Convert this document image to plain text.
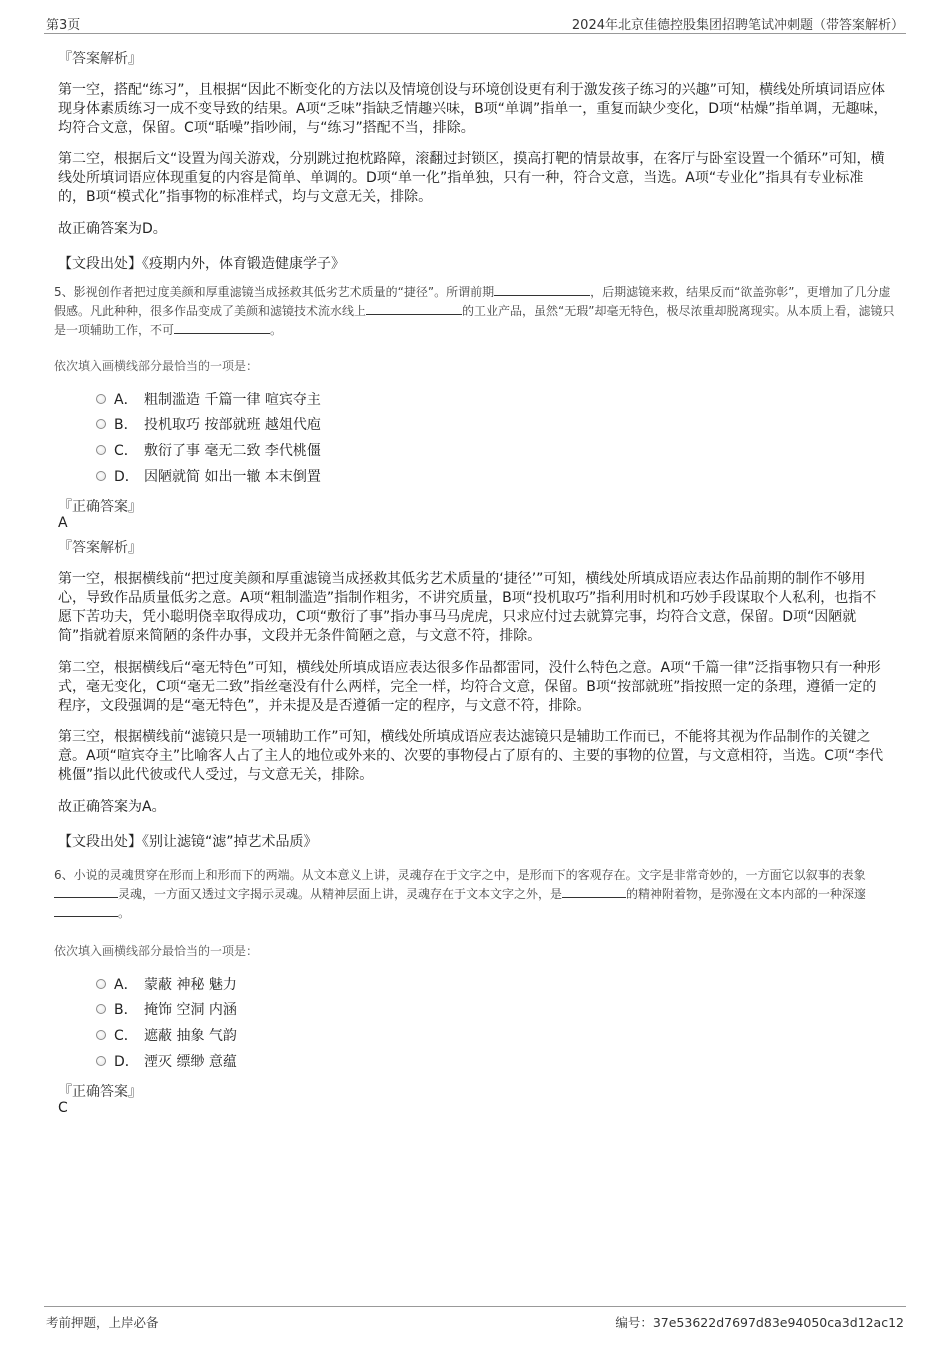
第3页	2024年北京佳德控股集团招聘笔试冲刺题（带答案解析）
『答案解析』

第一空，搭配“练习”，且根据“因此不断变化的方法以及情境创设与环境创设更有利于激发孩子练习的兴趣”可知，横线处所填词语应体现身体素质练习一成不变导致的结果。A项“乏味”指缺乏情趣兴味，B项“单调”指单一，重复而缺少变化，D项“枯燥”指单调，无趣味，均符合文意，保留。C项“聒噪”指吵闹，与“练习”搭配不当，排除。

第二空，根据后文“设置为闯关游戏，分别跳过抱枕路障，滚翻过封锁区，摸高打靶的情景故事，在客厅与卧室设置一个循环”可知，横线处所填词语应体现重复的内容是简单、单调的。D项“单一化”指单独，只有一种，符合文意，当选。A项“专业化”指具有专业标准的，B项“模式化”指事物的标准样式，均与文意无关，排除。

故正确答案为D。
【文段出处】《疫期内外，体育锻造健康学子》

5、影视创作者把过度美颜和厚重滤镜当成拯救其低劣艺术质量的“捷径”。所谓前期	，后期滤镜来救，结果反而“欲盖弥彰”，更增加了几分虚假感。凡此种种，很多作品变成了美颜和滤镜技术流水线上	的工业产品，虽然“无瑕”却毫无特色，极尽浓重却脱离现实。从本质上看，滤镜只是一项辅助工作，不可	。

依次填入画横线部分最恰当的一项是：
A． 粗制滥造 千篇一律 喧宾夺主
B． 投机取巧 按部就班 越俎代庖
C． 敷衍了事 毫无二致 李代桃僵
D． 因陋就简 如出一辙 本末倒置
『正确答案』
A
『答案解析』

第一空，根据横线前“把过度美颜和厚重滤镜当成拯救其低劣艺术质量的‘捷径’”可知，横线处所填成语应表达作品前期的制作不够用心，导致作品质量低劣之意。A项“粗制滥造”指制作粗劣，不讲究质量，B项“投机取巧”指利用时机和巧妙手段谋取个人私利，也指不愿下苦功夫，凭小聪明侥幸取得成功，C项“敷衍了事”指办事马马虎虎，只求应付过去就算完事，均符合文意，保留。D项“因陋就简”指就着原来简陋的条件办事，文段并无条件简陋之意，与文意不符，排除。

第二空，根据横线后“毫无特色”可知，横线处所填成语应表达很多作品都雷同，没什么特色之意。A项“千篇一律”泛指事物只有一种形式，毫无变化，C项“毫无二致”指丝毫没有什么两样，完全一样，均符合文意，保留。B项“按部就班”指按照一定的条理，遵循一定的程序，文段强调的是“毫无特色”，并未提及是否遵循一定的程序，与文意不符，排除。

第三空，根据横线前“滤镜只是一项辅助工作”可知，横线处所填成语应表达滤镜只是辅助工作而已，不能将其视为作品制作的关键之意。A项“喧宾夺主”比喻客人占了主人的地位或外来的、次要的事物侵占了原有的、主要的事物的位置，与文意相符，当选。C项“李代桃僵”指以此代彼或代人受过，与文意无关，排除。

故正确答案为A。
【文段出处】《别让滤镜“滤”掉艺术品质》

6、小说的灵魂贯穿在形而上和形而下的两端。从文本意义上讲，灵魂存在于文字之中，是形而下的客观存在。文字是非常奇妙的，一方面它以叙事的表象灵魂，一方面又透过文字揭示灵魂。从精神层面上讲，灵魂存在于文本文字之外，是	的精神附着物，是弥漫在文本内部的一种深邃。

依次填入画横线部分最恰当的一项是：
A． 蒙蔽 神秘 魅力
B． 掩饰 空洞 内涵
C． 遮蔽 抽象 气韵
D． 湮灭 缥缈 意蕴
『正确答案』
C
考前押题，上岸必备	编号：37e53622d7697d83e94050ca3d12ac12
